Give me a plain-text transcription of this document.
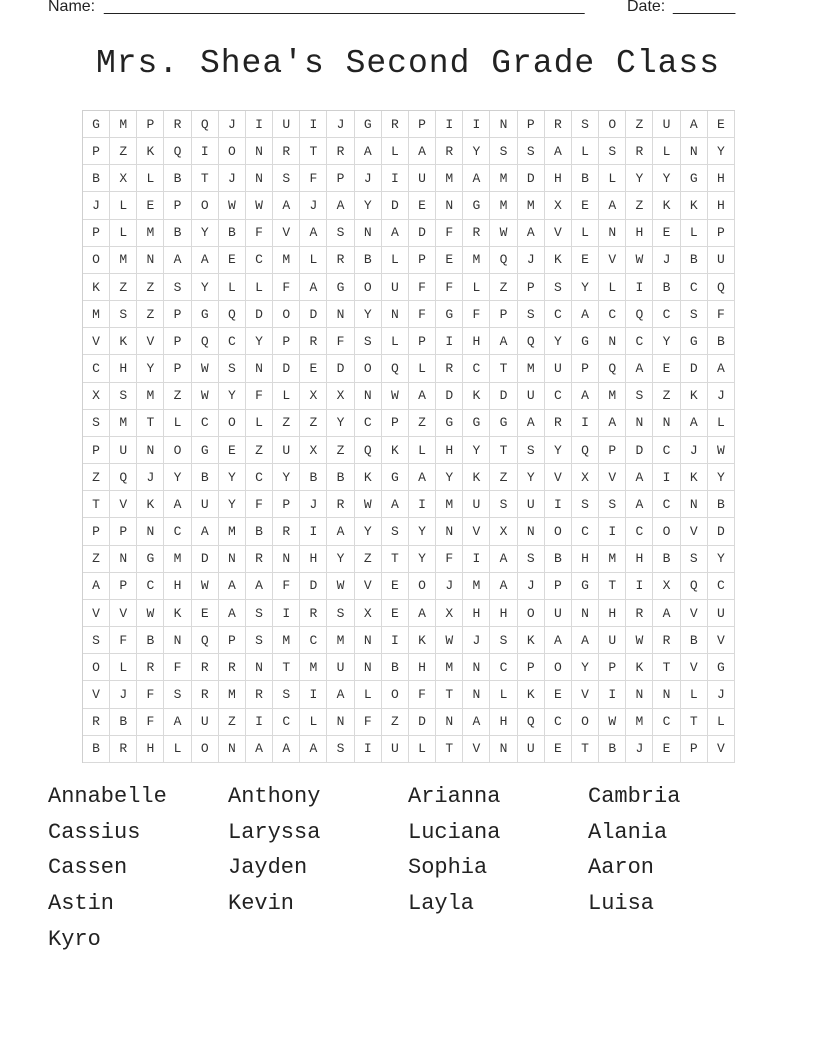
Name: ______________________________________________________	Date: _______
Mrs. Shea's Second Grade Class
G	M	P	R	Q	J	I	U	I	J	G	R	P	I	I	N	P	R	S	O	Z	U	A	E
P	Z	K	Q	I	O	N	R	T	R	A	L	A	R	Y	S	S	A	L	S	R	L	N	Y
B	X	L	B	T	J	N	S	F	P	J	I	U	M	A	M	D	H	B	L	Y	Y	G	H
J	L	E	P	O	W	W	A	J	A	Y	D	E	N	G	M	M	X	E	A	Z	K	K	H
P	L	M	B	Y	B	F	V	A	S	N	A	D	F	R	W	A	V	L	N	H	E	L	P
O	M	N	A	A	E	C	M	L	R	B	L	P	E	M	Q	J	K	E	V	W	J	B	U
K	Z	Z	S	Y	L	L	F	A	G	O	U	F	F	L	Z	P	S	Y	L	I	B	C	Q
M	S	Z	P	G	Q	D	O	D	N	Y	N	F	G	F	P	S	C	A	C	Q	C	S	F
V	K	V	P	Q	C	Y	P	R	F	S	L	P	I	H	A	Q	Y	G	N	C	Y	G	B
C	H	Y	P	W	S	N	D	E	D	O	Q	L	R	C	T	M	U	P	Q	A	E	D	A
X	S	M	Z	W	Y	F	L	X	X	N	W	A	D	K	D	U	C	A	M	S	Z	K	J
S	M	T	L	C	O	L	Z	Z	Y	C	P	Z	G	G	G	A	R	I	A	N	N	A	L
P	U	N	O	G	E	Z	U	X	Z	Q	K	L	H	Y	T	S	Y	Q	P	D	C	J	W
Z	Q	J	Y	B	Y	C	Y	B	B	K	G	A	Y	K	Z	Y	V	X	V	A	I	K	Y
T	V	K	A	U	Y	F	P	J	R	W	A	I	M	U	S	U	I	S	S	A	C	N	B
P	P	N	C	A	M	B	R	I	A	Y	S	Y	N	V	X	N	O	C	I	C	O	V	D
Z	N	G	M	D	N	R	N	H	Y	Z	T	Y	F	I	A	S	B	H	M	H	B	S	Y
A	P	C	H	W	A	A	F	D	W	V	E	O	J	M	A	J	P	G	T	I	X	Q	C
V	V	W	K	E	A	S	I	R	S	X	E	A	X	H	H	O	U	N	H	R	A	V	U
S	F	B	N	Q	P	S	M	C	M	N	I	K	W	J	S	K	A	A	U	W	R	B	V
O	L	R	F	R	R	N	T	M	U	N	B	H	M	N	C	P	O	Y	P	K	T	V	G
V	J	F	S	R	M	R	S	I	A	L	O	F	T	N	L	K	E	V	I	N	N	L	J
R	B	F	A	U	Z	I	C	L	N	F	Z	D	N	A	H	Q	C	O	W	M	C	T	L
B	R	H	L	O	N	A	A	A	S	I	U	L	T	V	N	U	E	T	B	J	E	P	V
Annabelle	Anthony	Arianna	Cambria
Cassius	Laryssa	Luciana	Alania
Cassen	Jayden	Sophia	Aaron
Astin	Kevin	Layla	Luisa
Kyro
